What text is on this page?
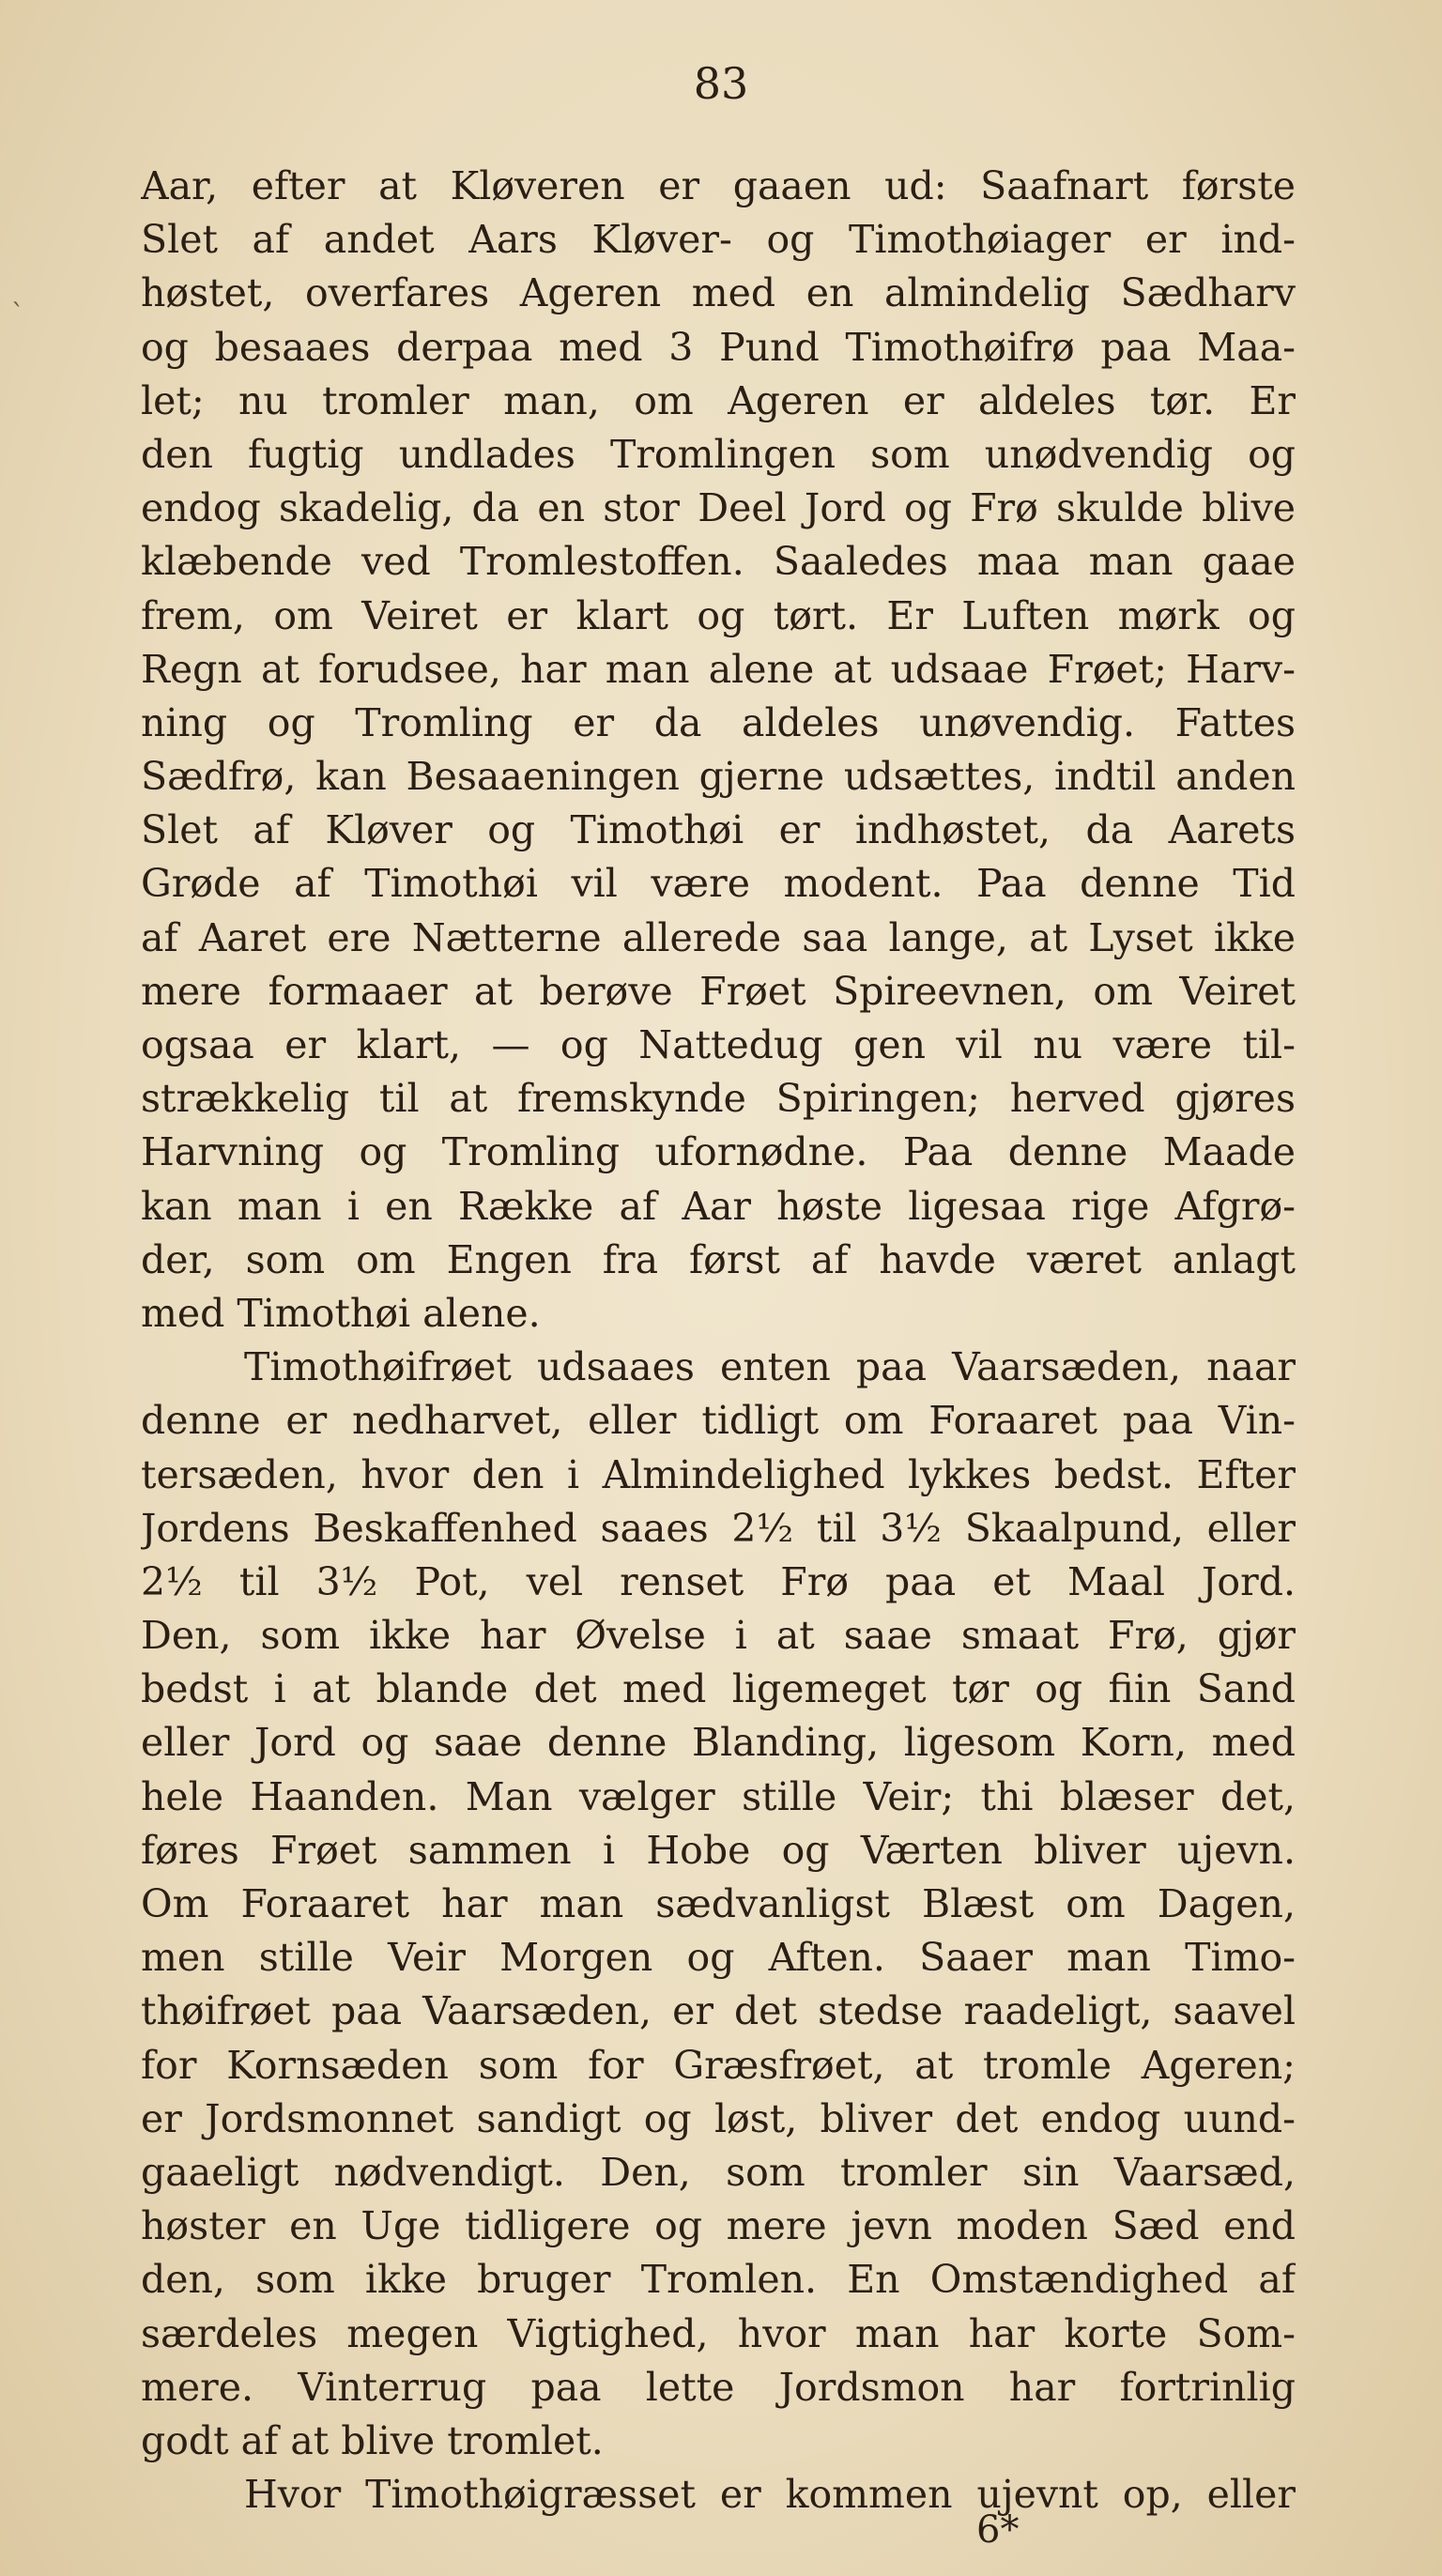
83
`
Aar, efter at Kløveren er gaaen ud: Saafnart første
Slet af andet Aars Kløver- og Timothøiager er ind-
høstet, overfares Ageren med en almindelig Sædharv
og besaaes derpaa med 3 Pund Timothøifrø paa Maa-
let; nu tromler man, om Ageren er aldeles tør. Er
den fugtig undlades Tromlingen som unødvendig og
endog skadelig, da en stor Deel Jord og Frø skulde blive
klæbende ved Tromlestoffen. Saaledes maa man gaae
frem, om Veiret er klart og tørt. Er Luften mørk og
Regn at forudsee, har man alene at udsaae Frøet; Harv-
ning og Tromling er da aldeles unøvendig. Fattes
Sædfrø, kan Besaaeningen gjerne udsættes, indtil anden
Slet af Kløver og Timothøi er indhøstet, da Aarets
Grøde af Timothøi vil være modent. Paa denne Tid
af Aaret ere Nætterne allerede saa lange, at Lyset ikke
mere formaaer at berøve Frøet Spireevnen, om Veiret
ogsaa er klart, — og Nattedug gen vil nu være til-
strækkelig til at fremskynde Spiringen; herved gjøres
Harvning og Tromling ufornødne. Paa denne Maade
kan man i en Række af Aar høste ligesaa rige Afgrø-
der, som om Engen fra først af havde været anlagt
med Timothøi alene.
Timothøifrøet udsaaes enten paa Vaarsæden, naar
denne er nedharvet, eller tidligt om Foraaret paa Vin-
tersæden, hvor den i Almindelighed lykkes bedst. Efter
Jordens Beskaffenhed saaes 2½ til 3½ Skaalpund, eller
2½ til 3½ Pot, vel renset Frø paa et Maal Jord.
Den, som ikke har Øvelse i at saae smaat Frø, gjør
bedst i at blande det med ligemeget tør og fiin Sand
eller Jord og saae denne Blanding, ligesom Korn, med
hele Haanden. Man vælger stille Veir; thi blæser det,
føres Frøet sammen i Hobe og Værten bliver ujevn.
Om Foraaret har man sædvanligst Blæst om Dagen,
men stille Veir Morgen og Aften. Saaer man Timo-
thøifrøet paa Vaarsæden, er det stedse raadeligt, saavel
for Kornsæden som for Græsfrøet, at tromle Ageren;
er Jordsmonnet sandigt og løst, bliver det endog uund-
gaaeligt nødvendigt. Den, som tromler sin Vaarsæd,
høster en Uge tidligere og mere jevn moden Sæd end
den, som ikke bruger Tromlen. En Omstændighed af
særdeles megen Vigtighed, hvor man har korte Som-
mere. Vinterrug paa lette Jordsmon har fortrinlig
godt af at blive tromlet.
Hvor Timothøigræsset er kommen ujevnt op, eller
6*
